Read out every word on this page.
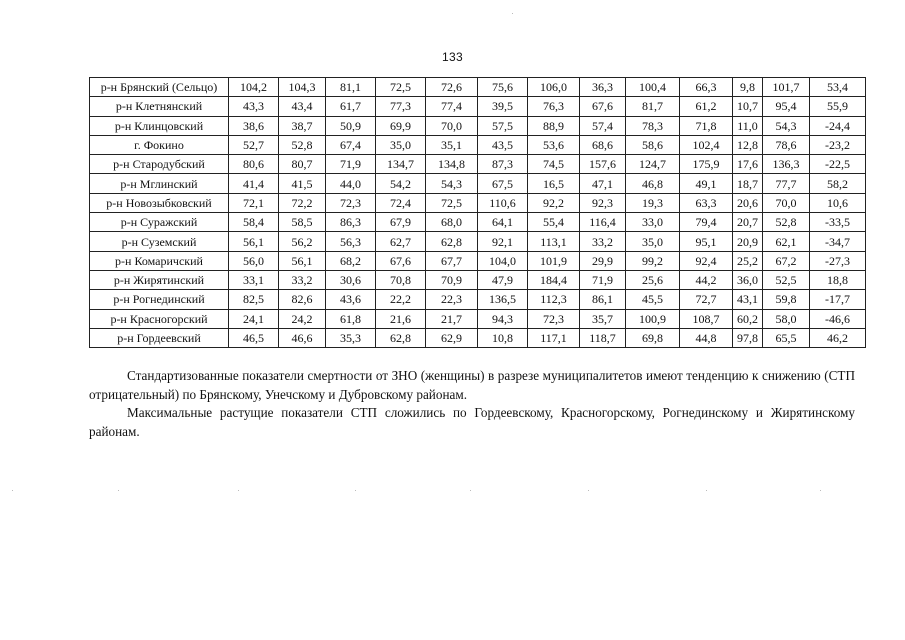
133
р-н Брянский (Сельцо)	104,2	104,3	81,1	72,5	72,6	75,6	106,0	36,3	100,4	66,3	9,8	101,7	53,4
р-н Клетнянский	43,3	43,4	61,7	77,3	77,4	39,5	76,3	67,6	81,7	61,2	10,7	95,4	55,9
р-н Клинцовский	38,6	38,7	50,9	69,9	70,0	57,5	88,9	57,4	78,3	71,8	11,0	54,3	-24,4
г. Фокино	52,7	52,8	67,4	35,0	35,1	43,5	53,6	68,6	58,6	102,4	12,8	78,6	-23,2
р-н Стародубский	80,6	80,7	71,9	134,7	134,8	87,3	74,5	157,6	124,7	175,9	17,6	136,3	-22,5
р-н Мглинский	41,4	41,5	44,0	54,2	54,3	67,5	16,5	47,1	46,8	49,1	18,7	77,7	58,2
р-н Новозыбковский	72,1	72,2	72,3	72,4	72,5	110,6	92,2	92,3	19,3	63,3	20,6	70,0	10,6
р-н Суражский	58,4	58,5	86,3	67,9	68,0	64,1	55,4	116,4	33,0	79,4	20,7	52,8	-33,5
р-н Суземский	56,1	56,2	56,3	62,7	62,8	92,1	113,1	33,2	35,0	95,1	20,9	62,1	-34,7
р-н Комаричский	56,0	56,1	68,2	67,6	67,7	104,0	101,9	29,9	99,2	92,4	25,2	67,2	-27,3
р-н Жирятинский	33,1	33,2	30,6	70,8	70,9	47,9	184,4	71,9	25,6	44,2	36,0	52,5	18,8
р-н Рогнединский	82,5	82,6	43,6	22,2	22,3	136,5	112,3	86,1	45,5	72,7	43,1	59,8	-17,7
р-н Красногорский	24,1	24,2	61,8	21,6	21,7	94,3	72,3	35,7	100,9	108,7	60,2	58,0	-46,6
р-н Гордеевский	46,5	46,6	35,3	62,8	62,9	10,8	117,1	118,7	69,8	44,8	97,8	65,5	46,2

Стандартизованные показатели смертности от ЗНО (женщины) в разрезе муниципалитетов имеют тенденцию к снижению (СТП отрицательный) по Брянскому, Унечскому и Дубровскому районам.

Максимальные растущие показатели СТП сложились по Гордеевскому, Красногорскому, Рогнединскому и Жирятинскому районам.
